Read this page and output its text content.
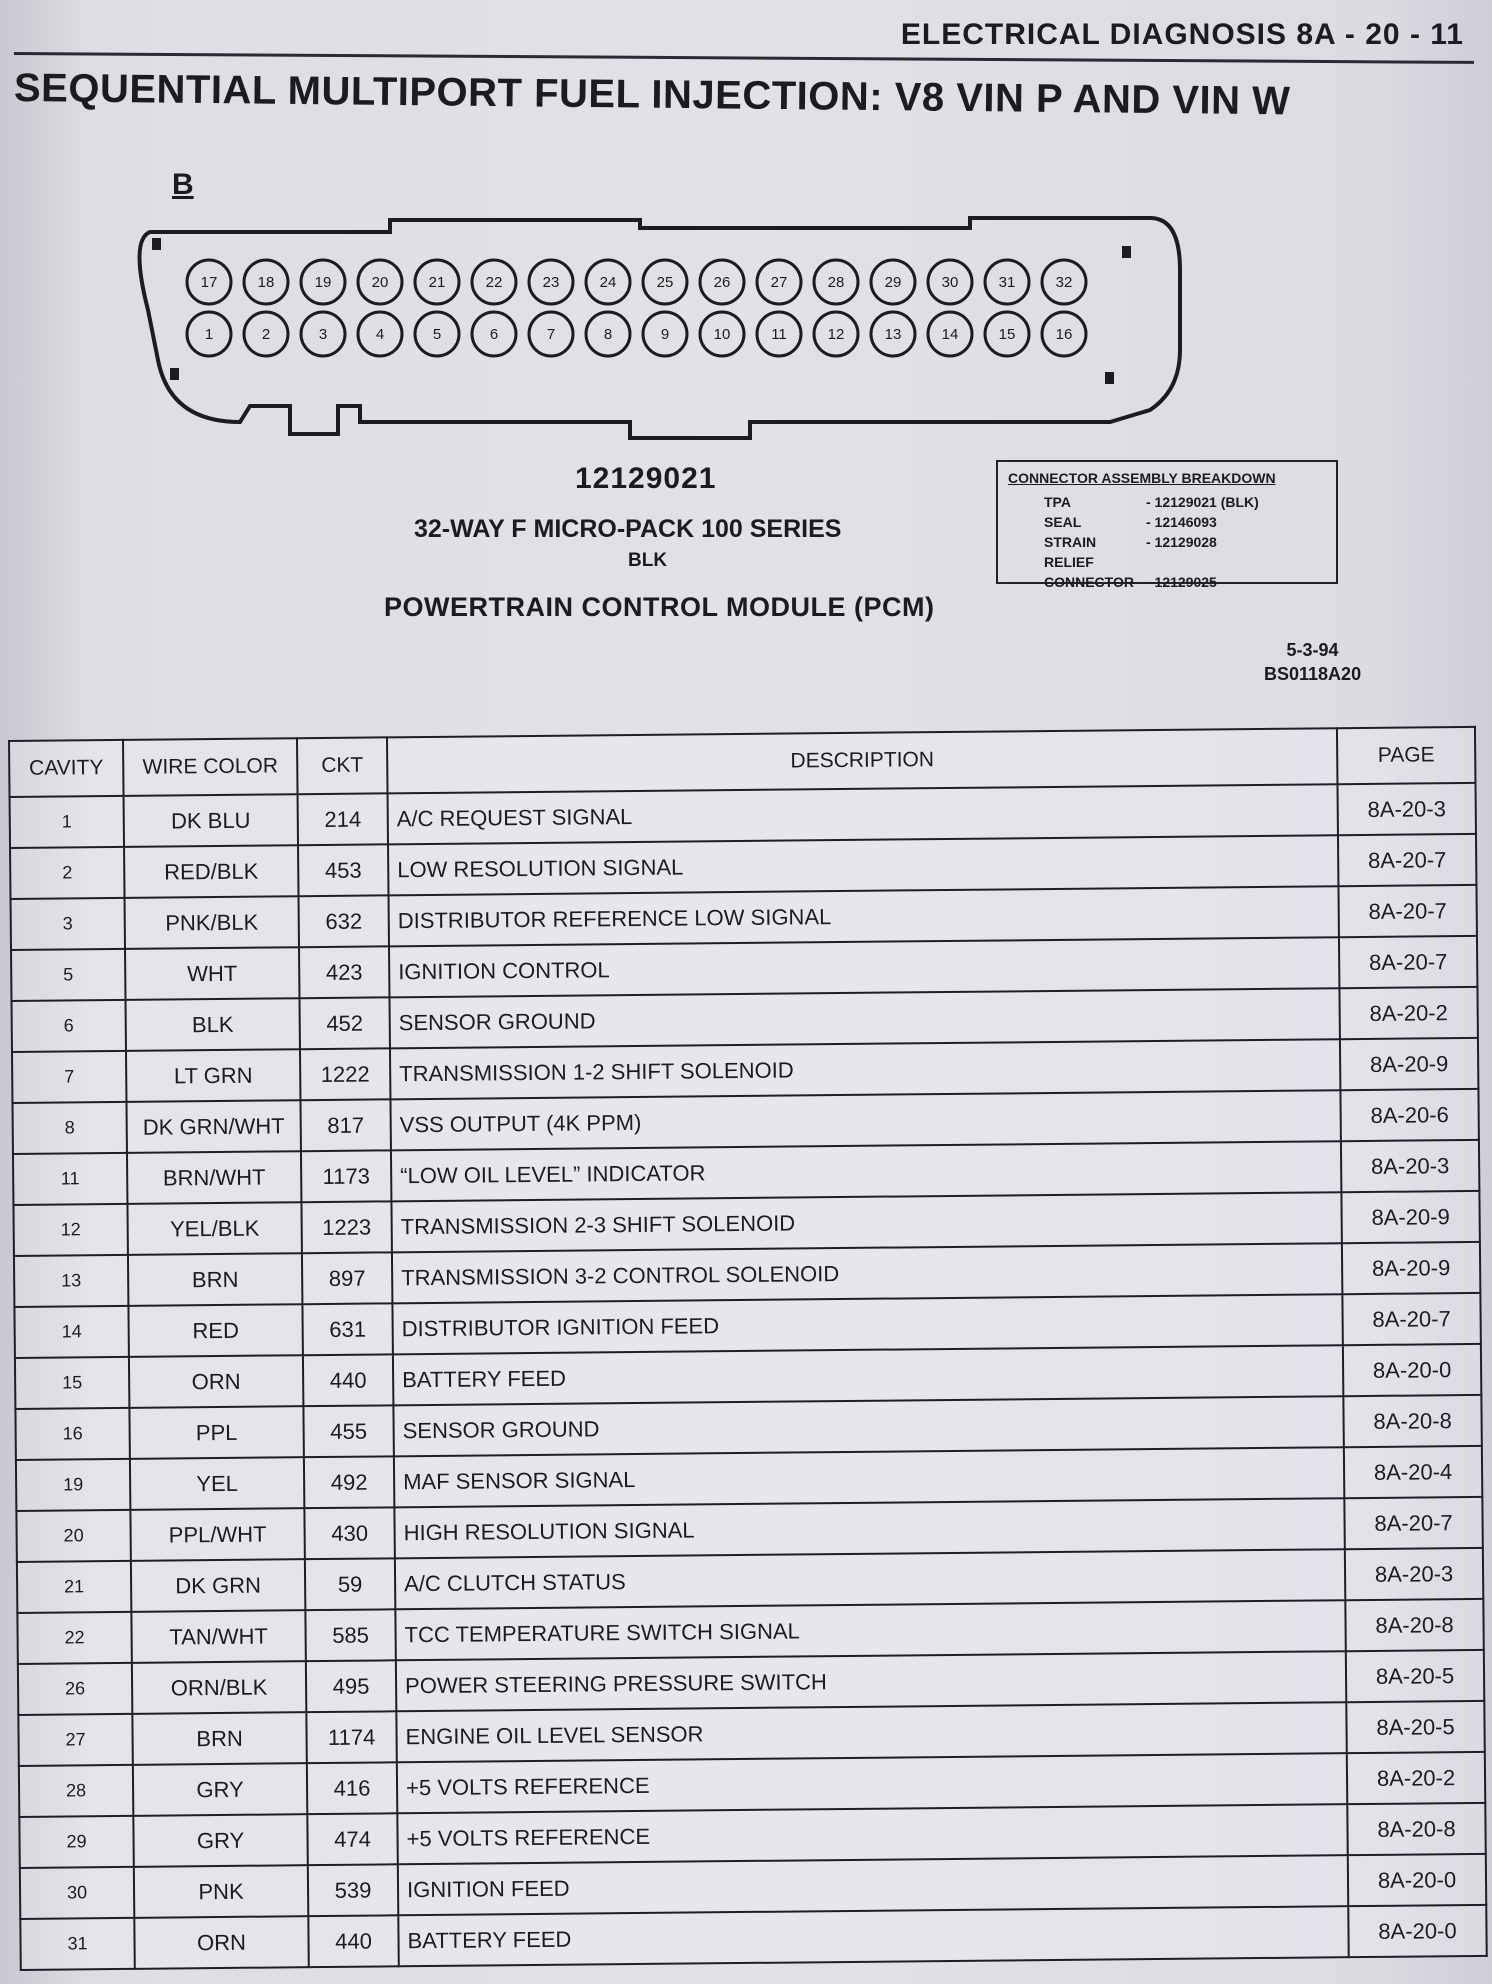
ELECTRICAL DIAGNOSIS 8A - 20 - 11
SEQUENTIAL MULTIPORT FUEL INJECTION: V8 VIN P AND VIN W
B
17	18	19	20	21	22	23	24	25	26	27	28	29	30	31	32
1	2	3	4	5	6	7	8	9	10	11	12	13	14	15	16
12129021
32-WAY F MICRO-PACK 100 SERIES
BLK
POWERTRAIN CONTROL MODULE (PCM)
CONNECTOR ASSEMBLY BREAKDOWN
TPA	- 12129021 (BLK)
SEAL	- 12146093
STRAIN RELIEF
- 12129028
CONNECTOR - 12129025
5-3-94
BS0118A20
CAVITY	WIRE COLOR	CKT	DESCRIPTION	PAGE
1	DK BLU	214	A/C REQUEST SIGNAL	8A-20-3
2	RED/BLK	453	LOW RESOLUTION SIGNAL	8A-20-7
3	PNK/BLK	632	DISTRIBUTOR REFERENCE LOW SIGNAL	8A-20-7
5	WHT	423	IGNITION CONTROL	8A-20-7
6	BLK	452	SENSOR GROUND	8A-20-2
7	LT GRN	1222	TRANSMISSION 1-2 SHIFT SOLENOID	8A-20-9
8	DK GRN/WHT	817	VSS OUTPUT (4K PPM)	8A-20-6
11	BRN/WHT	1173	“LOW OIL LEVEL” INDICATOR	8A-20-3
12	YEL/BLK	1223	TRANSMISSION 2-3 SHIFT SOLENOID	8A-20-9
13	BRN	897	TRANSMISSION 3-2 CONTROL SOLENOID	8A-20-9
14	RED	631	DISTRIBUTOR IGNITION FEED	8A-20-7
15	ORN	440	BATTERY FEED	8A-20-0
16	PPL	455	SENSOR GROUND	8A-20-8
19	YEL	492	MAF SENSOR SIGNAL	8A-20-4
20	PPL/WHT	430	HIGH RESOLUTION SIGNAL	8A-20-7
21	DK GRN	59	A/C CLUTCH STATUS	8A-20-3
22	TAN/WHT	585	TCC TEMPERATURE SWITCH SIGNAL	8A-20-8
26	ORN/BLK	495	POWER STEERING PRESSURE SWITCH	8A-20-5
27	BRN	1174	ENGINE OIL LEVEL SENSOR	8A-20-5
28	GRY	416	+5 VOLTS REFERENCE	8A-20-2
29	GRY	474	+5 VOLTS REFERENCE	8A-20-8
30	PNK	539	IGNITION FEED	8A-20-0
31	ORN	440	BATTERY FEED	8A-20-0
